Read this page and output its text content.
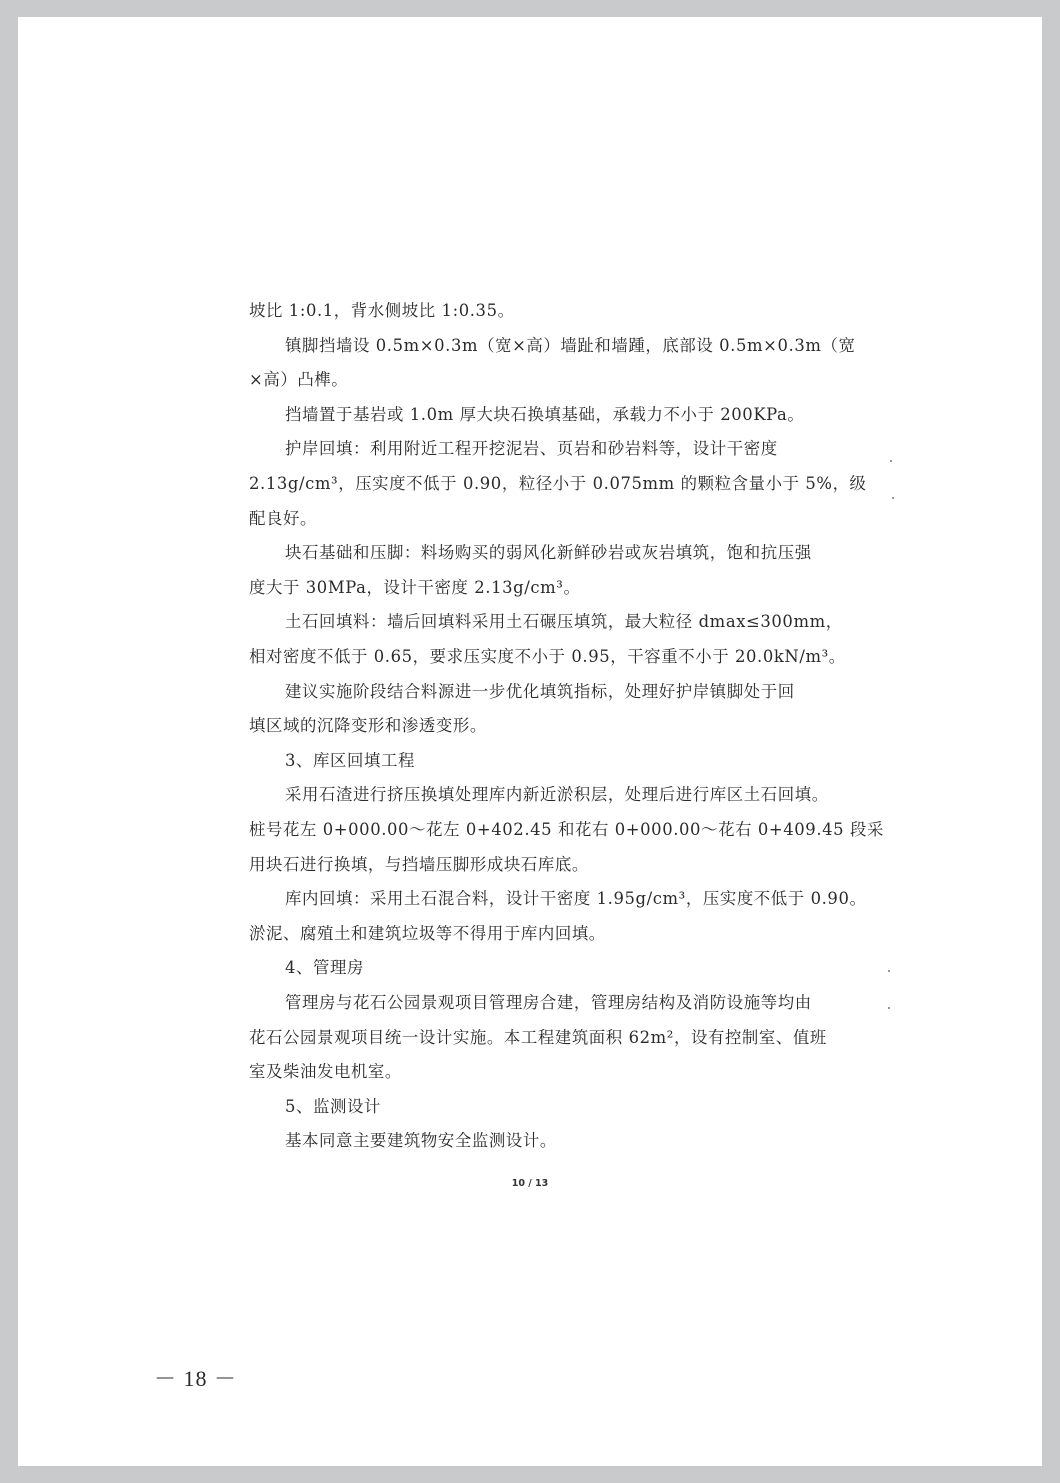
坡比 1:0.1，背水侧坡比 1:0.35。
镇脚挡墙设 0.5m×0.3m（宽×高）墙趾和墙踵，底部设 0.5m×0.3m（宽
×高）凸榫。
挡墙置于基岩或 1.0m 厚大块石换填基础，承载力不小于 200KPa。
护岸回填：利用附近工程开挖泥岩、页岩和砂岩料等，设计干密度
2.13g/cm³，压实度不低于 0.90，粒径小于 0.075mm 的颗粒含量小于 5%，级
配良好。
块石基础和压脚：料场购买的弱风化新鲜砂岩或灰岩填筑，饱和抗压强
度大于 30MPa，设计干密度 2.13g/cm³。
土石回填料：墙后回填料采用土石碾压填筑，最大粒径 dmax≤300mm，
相对密度不低于 0.65，要求压实度不小于 0.95，干容重不小于 20.0kN/m³。
建议实施阶段结合料源进一步优化填筑指标，处理好护岸镇脚处于回
填区域的沉降变形和渗透变形。
3、库区回填工程
采用石渣进行挤压换填处理库内新近淤积层，处理后进行库区土石回填。
桩号花左 0+000.00～花左 0+402.45 和花右 0+000.00～花右 0+409.45 段采
用块石进行换填，与挡墙压脚形成块石库底。
库内回填：采用土石混合料，设计干密度 1.95g/cm³，压实度不低于 0.90。
淤泥、腐殖土和建筑垃圾等不得用于库内回填。
4、管理房
管理房与花石公园景观项目管理房合建，管理房结构及消防设施等均由
花石公园景观项目统一设计实施。本工程建筑面积 62m²，设有控制室、值班
室及柴油发电机室。
5、监测设计
基本同意主要建筑物安全监测设计。
10 / 13
－ 18 －
